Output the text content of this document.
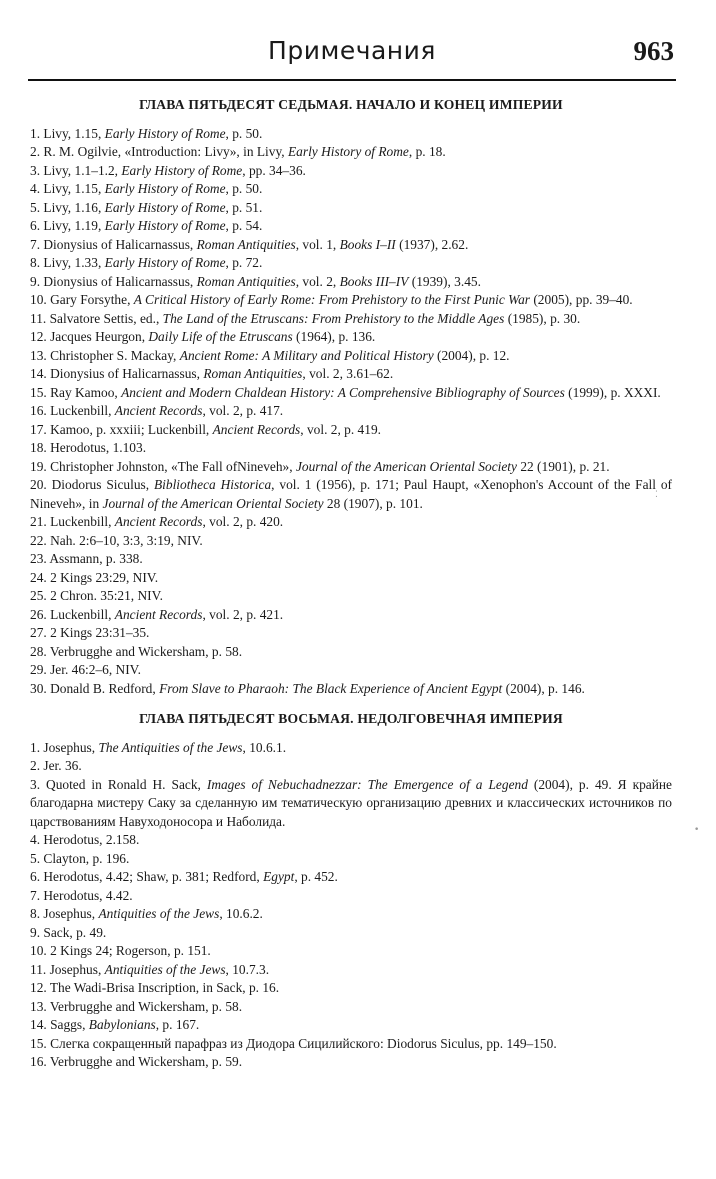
Примечания	963
ГЛАВА ПЯТЬДЕСЯТ СЕДЬМАЯ. НАЧАЛО И КОНЕЦ ИМПЕРИИ
1. Livy, 1.15, Early History of Rome, p. 50.
2. R. M. Ogilvie, «Introduction: Livy», in Livy, Early History of Rome, p. 18.
3. Livy, 1.1–1.2, Early History of Rome, pp. 34–36.
4. Livy, 1.15, Early History of Rome, p. 50.
5. Livy, 1.16, Early History of Rome, p. 51.
6. Livy, 1.19, Early History of Rome, p. 54.
7. Dionysius of Halicarnassus, Roman Antiquities, vol. 1, Books I–II (1937), 2.62.
8. Livy, 1.33, Early History of Rome, p. 72.
9. Dionysius of Halicarnassus, Roman Antiquities, vol. 2, Books III–IV (1939), 3.45.
10. Gary Forsythe, A Critical History of Early Rome: From Prehistory to the First Punic War (2005), pp. 39–40.
11. Salvatore Settis, ed., The Land of the Etruscans: From Prehistory to the Middle Ages (1985), p. 30.
12. Jacques Heurgon, Daily Life of the Etruscans (1964), p. 136.
13. Christopher S. Mackay, Ancient Rome: A Military and Political History (2004), p. 12.
14. Dionysius of Halicarnassus, Roman Antiquities, vol. 2, 3.61–62.
15. Ray Kamoo, Ancient and Modern Chaldean History: A Comprehensive Bibliography of Sources (1999), p. XXXI.
16. Luckenbill, Ancient Records, vol. 2, p. 417.
17. Kamoo, p. xxxiii; Luckenbill, Ancient Records, vol. 2, p. 419.
18. Herodotus, 1.103.
19. Christopher Johnston, «The Fall ofNineveh», Journal of the American Oriental Society 22 (1901), p. 21.
20. Diodorus Siculus, Bibliotheca Historica, vol. 1 (1956), p. 171; Paul Haupt, «Xenophon's Account of the Fall of Nineveh», in Journal of the American Oriental Society 28 (1907), p. 101.
21. Luckenbill, Ancient Records, vol. 2, p. 420.
22. Nah. 2:6–10, 3:3, 3:19, NIV.
23. Assmann, p. 338.
24. 2 Kings 23:29, NIV.
25. 2 Chron. 35:21, NIV.
26. Luckenbill, Ancient Records, vol. 2, p. 421.
27. 2 Kings 23:31–35.
28. Verbrugghe and Wickersham, p. 58.
29. Jer. 46:2–6, NIV.
30. Donald B. Redford, From Slave to Pharaoh: The Black Experience of Ancient Egypt (2004), p. 146.
ГЛАВА ПЯТЬДЕСЯТ ВОСЬМАЯ. НЕДОЛГОВЕЧНАЯ ИМПЕРИЯ
1. Josephus, The Antiquities of the Jews, 10.6.1.
2. Jer. 36.
3. Quoted in Ronald H. Sack, Images of Nebuchadnezzar: The Emergence of a Legend (2004), p. 49. Я крайне благодарна мистеру Саку за сделанную им тематическую организацию древних и классических источников по царствованиям Навуходоносора и Наболида.
4. Herodotus, 2.158.
5. Clayton, p. 196.
6. Herodotus, 4.42; Shaw, p. 381; Redford, Egypt, p. 452.
7. Herodotus, 4.42.
8. Josephus, Antiquities of the Jews, 10.6.2.
9. Sack, p. 49.
10. 2 Kings 24; Rogerson, p. 151.
11. Josephus, Antiquities of the Jews, 10.7.3.
12. The Wadi-Brisa Inscription, in Sack, p. 16.
13. Verbrugghe and Wickersham, p. 58.
14. Saggs, Babylonians, p. 167.
15. Слегка сокращенный парафраз из Диодора Сицилийского: Diodorus Siculus, pp. 149–150.
16. Verbrugghe and Wickersham, p. 59.
⁚
•
